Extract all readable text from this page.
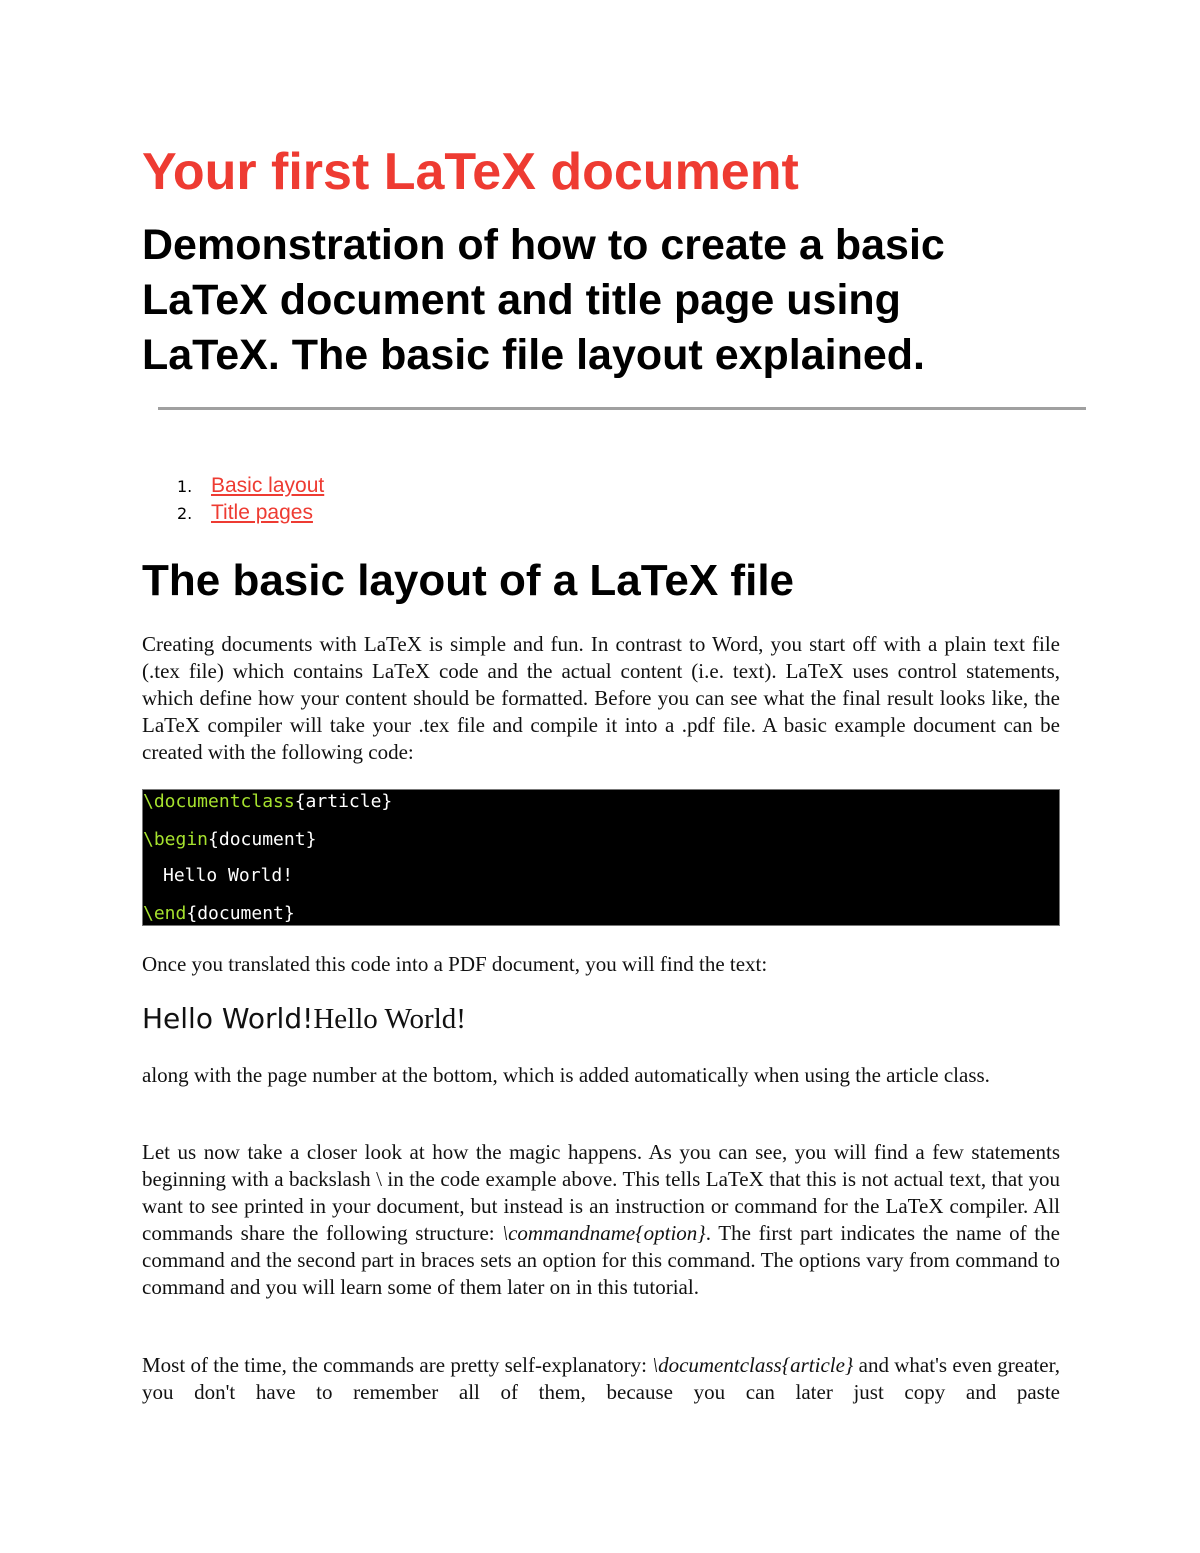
Your first LaTeX document
Demonstration of how to create a basic LaTeX document and title page using LaTeX. The basic file layout explained.
1. Basic layout
2. Title pages
The basic layout of a LaTeX file

Creating documents with LaTeX is simple and fun. In contrast to Word, you start off with a plain text file (.tex file) which contains LaTeX code and the actual content (i.e. text). LaTeX uses control statements, which define how your content should be formatted. Before you can see what the final result looks like, the LaTeX compiler will take your .tex file and compile it into a .pdf file. A basic example document can be created with the following code:

\documentclass{article}
\begin{document}
Hello World!
\end{document}

Once you translated this code into a PDF document, you will find the text:

Hello World!Hello World!

along with the page number at the bottom, which is added automatically when using the article class.

Let us now take a closer look at how the magic happens. As you can see, you will find a few statements beginning with a backslash \ in the code example above. This tells LaTeX that this is not actual text, that you want to see printed in your document, but instead is an instruction or command for the LaTeX compiler. All commands share the following structure: \commandname{option}. The first part indicates the name of the command and the second part in braces sets an option for this command. The options vary from command to command and you will learn some of them later on in this tutorial.

Most of the time, the commands are pretty self-explanatory: \documentclass{article} and what's even greater, you don't have to remember all of them, because you can later just copy and paste
